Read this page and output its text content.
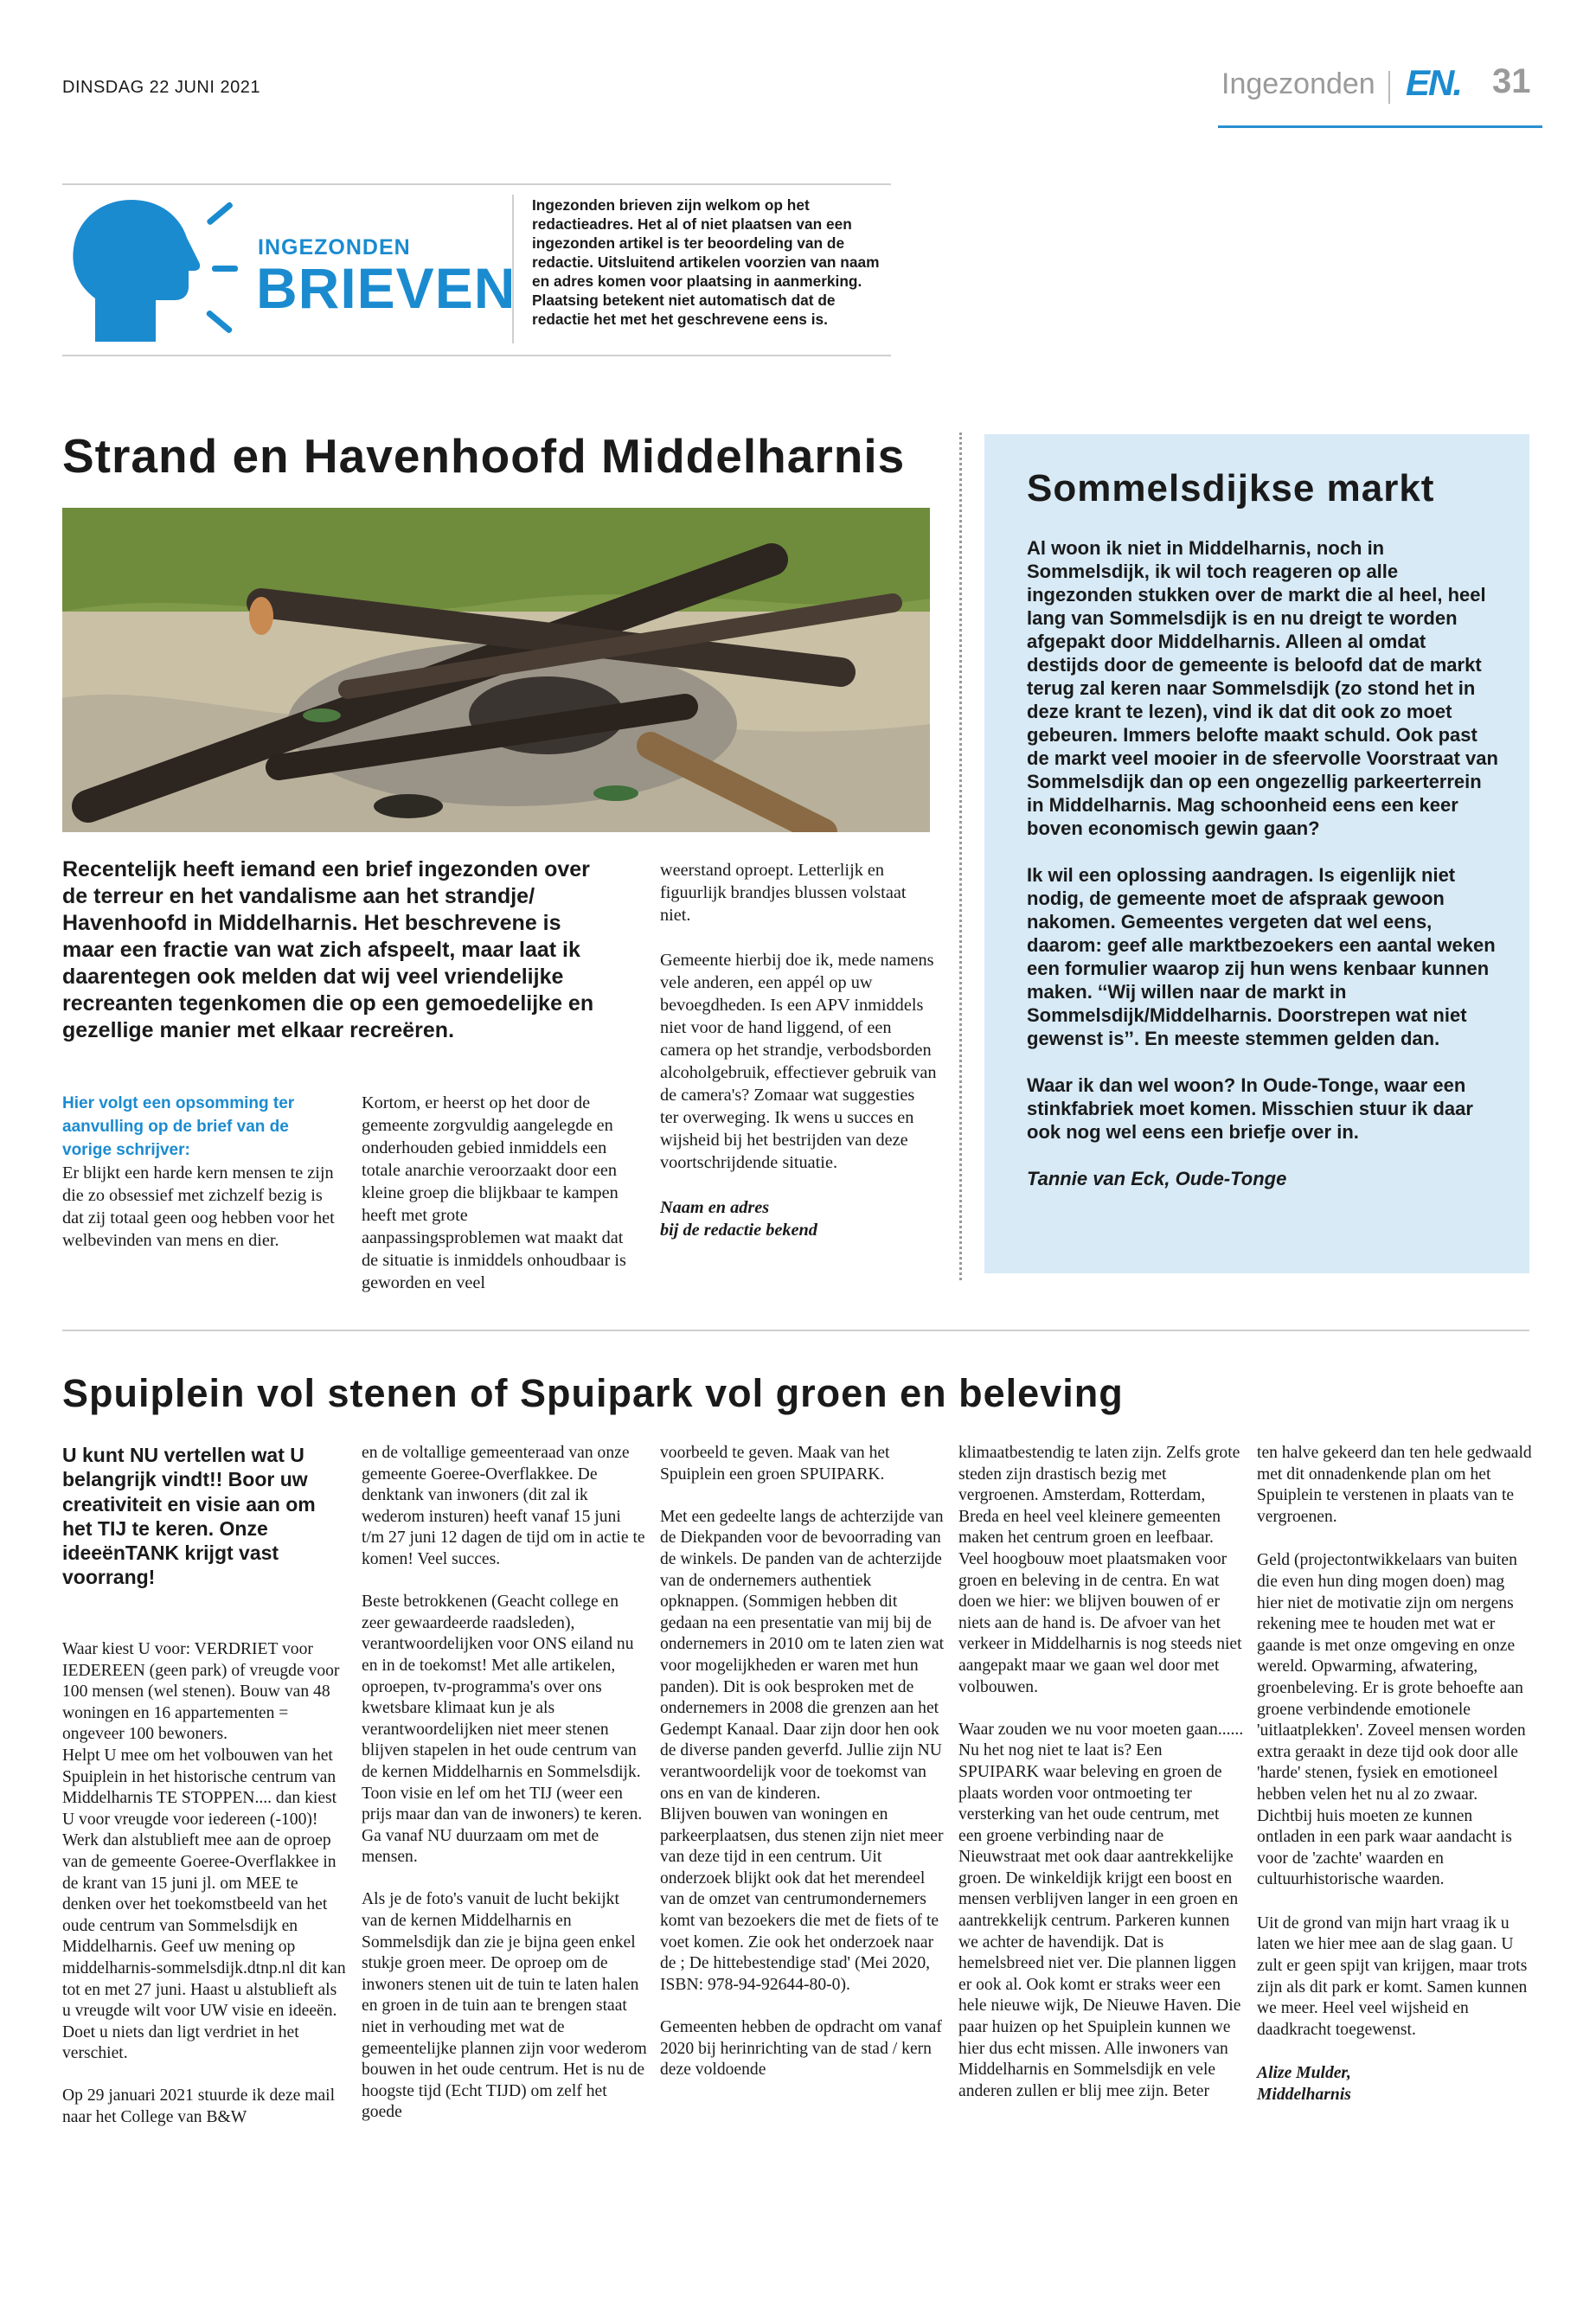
DINSDAG 22 JUNI 2021	Ingezonden EN. 31
INGEZONDEN
BRIEVEN
Ingezonden brieven zijn welkom op het redactieadres. Het al of niet plaatsen van een ingezonden artikel is ter beoordeling van de redactie. Uitsluitend artikelen voorzien van naam en adres komen voor plaatsing in aanmerking. Plaatsing betekent niet automatisch dat de redactie het met het geschrevene eens is.
Strand en Havenhoofd Middelharnis
Recentelijk heeft iemand een brief ingezonden over de terreur en het vandalisme aan het strandje/ Havenhoofd in Middelharnis. Het beschrevene is maar een fractie van wat zich afspeelt, maar laat ik daarentegen ook melden dat wij veel vriendelijke recreanten tegenkomen die op een gemoedelijke en gezellige manier met elkaar recreëren.
Hier volgt een opsomming ter aanvulling op de brief van de vorige schrijver:
Er blijkt een harde kern mensen te zijn die zo obsessief met zichzelf bezig is dat zij totaal geen oog hebben voor het welbevinden van mens en dier.
Kortom, er heerst op het door de gemeente zorgvuldig aangelegde en onderhouden gebied inmiddels een totale anarchie veroorzaakt door een kleine groep die blijkbaar te kampen heeft met grote aanpassingsproblemen wat maakt dat de situatie is inmiddels onhoudbaar is geworden en veel
weerstand oproept. Letterlijk en figuurlijk brandjes blussen volstaat niet.
Gemeente hierbij doe ik, mede namens vele anderen, een appél op uw bevoegdheden. Is een APV inmiddels niet voor de hand liggend, of een camera op het strandje, verbodsborden alcoholgebruik, effectiever gebruik van de camera's? Zomaar wat suggesties ter overweging. Ik wens u succes en wijsheid bij het bestrijden van deze voortschrijdende situatie.
Naam en adres
bij de redactie bekend
Sommelsdijkse markt
Al woon ik niet in Middelharnis, noch in Sommelsdijk, ik wil toch reageren op alle ingezonden stukken over de markt die al heel, heel lang van Sommelsdijk is en nu dreigt te worden afgepakt door Middelharnis. Alleen al omdat destijds door de gemeente is beloofd dat de markt terug zal keren naar Sommelsdijk (zo stond het in deze krant te lezen), vind ik dat dit ook zo moet gebeuren. Immers belofte maakt schuld. Ook past de markt veel mooier in de sfeervolle Voorstraat van Sommelsdijk dan op een ongezellig parkeerterrein in Middelharnis. Mag schoonheid eens een keer boven economisch gewin gaan?
Ik wil een oplossing aandragen. Is eigenlijk niet nodig, de gemeente moet de afspraak gewoon nakomen. Gemeentes vergeten dat wel eens, daarom: geef alle marktbezoekers een aantal weken een formulier waarop zij hun wens kenbaar kunnen maken. ‘‘Wij willen naar de markt in Sommelsdijk/Middelharnis. Doorstrepen wat niet gewenst is’’. En meeste stemmen gelden dan.
Waar ik dan wel woon? In Oude-Tonge, waar een stinkfabriek moet komen. Misschien stuur ik daar ook nog wel eens een briefje over in.
Tannie van Eck, Oude-Tonge
Spuiplein vol stenen of Spuipark vol groen en beleving
U kunt NU vertellen wat U belangrijk vindt!! Boor uw creativiteit en visie aan om het TIJ te keren. Onze ideeënTANK krijgt vast voorrang!
Waar kiest U voor: VERDRIET voor IEDEREEN (geen park) of vreugde voor 100 mensen (wel stenen). Bouw van 48 woningen en 16 appartementen = ongeveer 100 bewoners.
Helpt U mee om het volbouwen van het Spuiplein in het historische centrum van Middelharnis TE STOPPEN.... dan kiest U voor vreugde voor iedereen (-100)!
Werk dan alstublieft mee aan de oproep van de gemeente Goeree-Overflakkee in de krant van 15 juni jl. om MEE te denken over het toekomstbeeld van het oude centrum van Sommelsdijk en Middelharnis. Geef uw mening op middelharnis-sommelsdijk.dtnp.nl dit kan tot en met 27 juni. Haast u alstublieft als u vreugde wilt voor UW visie en ideeën. Doet u niets dan ligt verdriet in het verschiet.
Op 29 januari 2021 stuurde ik deze mail naar het College van B&W
en de voltallige gemeenteraad van onze gemeente Goeree-Overflakkee. De denktank van inwoners (dit zal ik wederom insturen) heeft vanaf 15 juni t/m 27 juni 12 dagen de tijd om in actie te komen! Veel succes.
Beste betrokkenen (Geacht college en zeer gewaardeerde raadsleden), verantwoordelijken voor ONS eiland nu en in de toekomst! Met alle artikelen, oproepen, tv-programma's over ons kwetsbare klimaat kun je als verantwoordelijken niet meer stenen blijven stapelen in het oude centrum van de kernen Middelharnis en Sommelsdijk. Toon visie en lef om het TIJ (weer een prijs maar dan van de inwoners) te keren. Ga vanaf NU duurzaam om met de mensen.
Als je de foto's vanuit de lucht bekijkt van de kernen Middelharnis en Sommelsdijk dan zie je bijna geen enkel stukje groen meer. De oproep om de inwoners stenen uit de tuin te laten halen en groen in de tuin aan te brengen staat niet in verhouding met wat de gemeentelijke plannen zijn voor wederom bouwen in het oude centrum. Het is nu de hoogste tijd (Echt TIJD) om zelf het goede
voorbeeld te geven. Maak van het Spuiplein een groen SPUIPARK.
Met een gedeelte langs de achterzijde van de Diekpanden voor de bevoorrading van de winkels. De panden van de achterzijde van de ondernemers authentiek opknappen. (Sommigen hebben dit gedaan na een presentatie van mij bij de ondernemers in 2010 om te laten zien wat voor mogelijkheden er waren met hun panden). Dit is ook besproken met de ondernemers in 2008 die grenzen aan het Gedempt Kanaal. Daar zijn door hen ook de diverse panden geverfd. Jullie zijn NU verantwoordelijk voor de toekomst van ons en van de kinderen.
Blijven bouwen van woningen en parkeerplaatsen, dus stenen zijn niet meer van deze tijd in een centrum. Uit onderzoek blijkt ook dat het merendeel van de omzet van centrumondernemers komt van bezoekers die met de fiets of te voet komen. Zie ook het onderzoek naar de ; De hittebestendige stad' (Mei 2020, ISBN: 978-94-92644-80-0).
Gemeenten hebben de opdracht om vanaf 2020 bij herinrichting van de stad / kern deze voldoende
klimaatbestendig te laten zijn. Zelfs grote steden zijn drastisch bezig met vergroenen. Amsterdam, Rotterdam, Breda en heel veel kleinere gemeenten maken het centrum groen en leefbaar. Veel hoogbouw moet plaatsmaken voor groen en beleving in de centra. En wat doen we hier: we blijven bouwen of er niets aan de hand is. De afvoer van het verkeer in Middelharnis is nog steeds niet aangepakt maar we gaan wel door met volbouwen.
Waar zouden we nu voor moeten gaan...... Nu het nog niet te laat is? Een SPUIPARK waar beleving en groen de plaats worden voor ontmoeting ter versterking van het oude centrum, met een groene verbinding naar de Nieuwstraat met ook daar aantrekkelijke groen. De winkeldijk krijgt een boost en mensen verblijven langer in een groen en aantrekkelijk centrum. Parkeren kunnen we achter de havendijk. Dat is hemelsbreed niet ver. Die plannen liggen er ook al. Ook komt er straks weer een hele nieuwe wijk, De Nieuwe Haven. Die paar huizen op het Spuiplein kunnen we hier dus echt missen. Alle inwoners van Middelharnis en Sommelsdijk en vele anderen zullen er blij mee zijn. Beter
ten halve gekeerd dan ten hele gedwaald met dit onnadenkende plan om het Spuiplein te verstenen in plaats van te vergroenen.
Geld (projectontwikkelaars van buiten die even hun ding mogen doen) mag hier niet de motivatie zijn om nergens rekening mee te houden met wat er gaande is met onze omgeving en onze wereld. Opwarming, afwatering, groenbeleving. Er is grote behoefte aan groene verbindende emotionele 'uitlaatplekken'. Zoveel mensen worden extra geraakt in deze tijd ook door alle 'harde' stenen, fysiek en emotioneel hebben velen het nu al zo zwaar. Dichtbij huis moeten ze kunnen ontladen in een park waar aandacht is voor de 'zachte' waarden en cultuurhistorische waarden.
Uit de grond van mijn hart vraag ik u laten we hier mee aan de slag gaan. U zult er geen spijt van krijgen, maar trots zijn als dit park er komt. Samen kunnen we meer. Heel veel wijsheid en daadkracht toegewenst.
Alize Mulder,
Middelharnis
